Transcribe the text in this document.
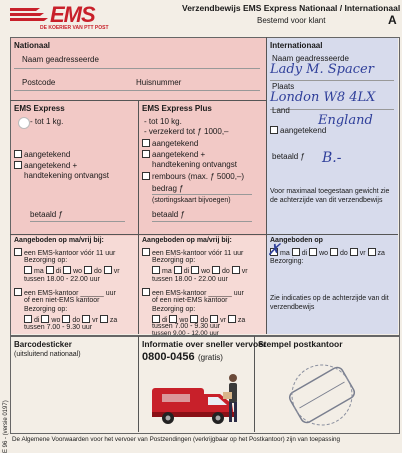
EMS
DE KOERIER VAN PTT POST
Verzendbewijs EMS Express Nationaal / Internationaal
Bestemd voor klant	A
Nationaal
Naam geadresseerde
Postcode	Huisnummer
EMS Express
- tot 1 kg.
aangetekend
aangetekend +
handtekening ontvangst
betaald ƒ
EMS Express Plus
- tot 10 kg.
- verzekerd tot ƒ 1000,–
aangetekend
aangetekend +
handtekening ontvangst
rembours (max. ƒ 5000,–)
bedrag ƒ
(stortingskaart bijvoegen)
betaald ƒ
Internationaal
Naam geadresseerde
Lady M. Spacer
Plaats
London W8 4LX
Land
England
aangetekend
betaald ƒ B.-
Voor maximaal toegestaan gewicht zie de achterzijde van dit verzendbewijs
Aangeboden op ma/vrij bij:
een EMS-kantoor vóór 11 uur
Bezorging op:
ma di wo do vr
tussen 18.00 - 22.00 uur
een EMS-kantoor ______ uur
of een niet-EMS kantoor
Bezorging op:
di wo do vr za
tussen 7.00 - 9.30 uur
Aangeboden op ma/vrij bij:
een EMS-kantoor vóór 11 uur
Bezorging op:
ma di wo do vr
tussen 18.00 - 22.00 uur
een EMS-kantoor ______ uur
of een niet-EMS kantoor
Bezorging op:
di wo do vr za
tussen 7.00 - 9.30 uur
tussen 9.00 - 12.00 uur
Aangeboden op
ma di wo do vr za
✗
Bezorging:
Zie indicaties op de achterzijde van dit verzendbewijs
Barcodesticker
(uitsluitend nationaal)
Informatie over sneller vervoer
0800-0456 (gratis)
Stempel postkantoor
De Algemene Voorwaarden voor het vervoer van Postzendingen (verkrijgbaar op het Postkantoor) zijn van toepassing
E 96 - (versie 0197)
